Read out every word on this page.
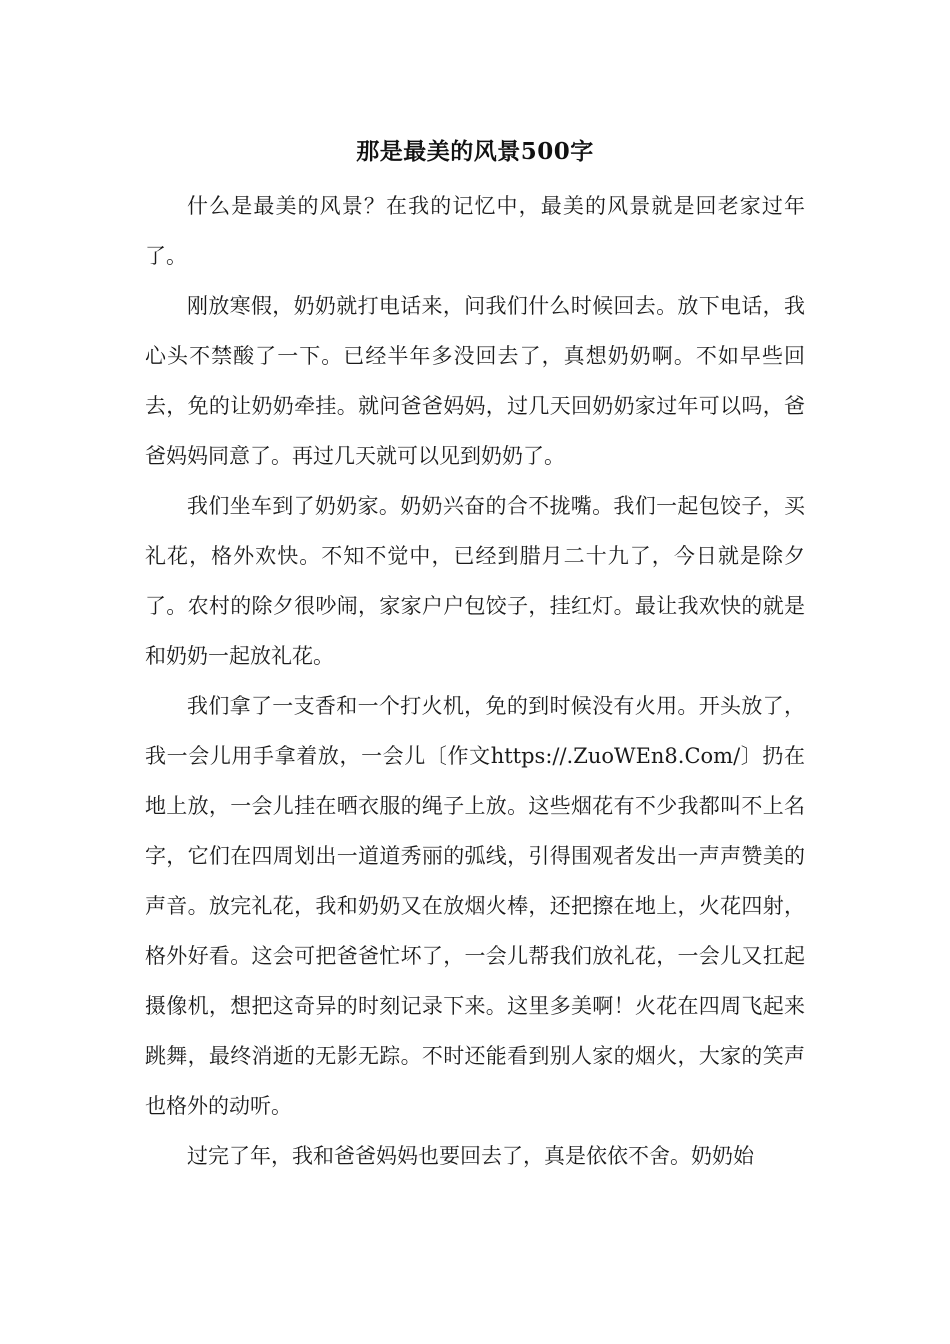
那是最美的风景500字

什么是最美的风景？在我的记忆中，最美的风景就是回老家过年了。

刚放寒假，奶奶就打电话来，问我们什么时候回去。放下电话，我心头不禁酸了一下。已经半年多没回去了，真想奶奶啊。不如早些回去，免的让奶奶牵挂。就问爸爸妈妈，过几天回奶奶家过年可以吗，爸爸妈妈同意了。再过几天就可以见到奶奶了。

我们坐车到了奶奶家。奶奶兴奋的合不拢嘴。我们一起包饺子，买礼花，格外欢快。不知不觉中，已经到腊月二十九了，今日就是除夕了。农村的除夕很吵闹，家家户户包饺子，挂红灯。最让我欢快的就是和奶奶一起放礼花。

我们拿了一支香和一个打火机，免的到时候没有火用。开头放了，我一会儿用手拿着放，一会儿〔作文https://.ZuoWEn8.Com/〕扔在地上放，一会儿挂在晒衣服的绳子上放。这些烟花有不少我都叫不上名字，它们在四周划出一道道秀丽的弧线，引得围观者发出一声声赞美的声音。放完礼花，我和奶奶又在放烟火棒，还把擦在地上，火花四射，格外好看。这会可把爸爸忙坏了，一会儿帮我们放礼花，一会儿又扛起摄像机，想把这奇异的时刻记录下来。这里多美啊！火花在四周飞起来跳舞，最终消逝的无影无踪。不时还能看到别人家的烟火，大家的笑声也格外的动听。

过完了年，我和爸爸妈妈也要回去了，真是依依不舍。奶奶始
